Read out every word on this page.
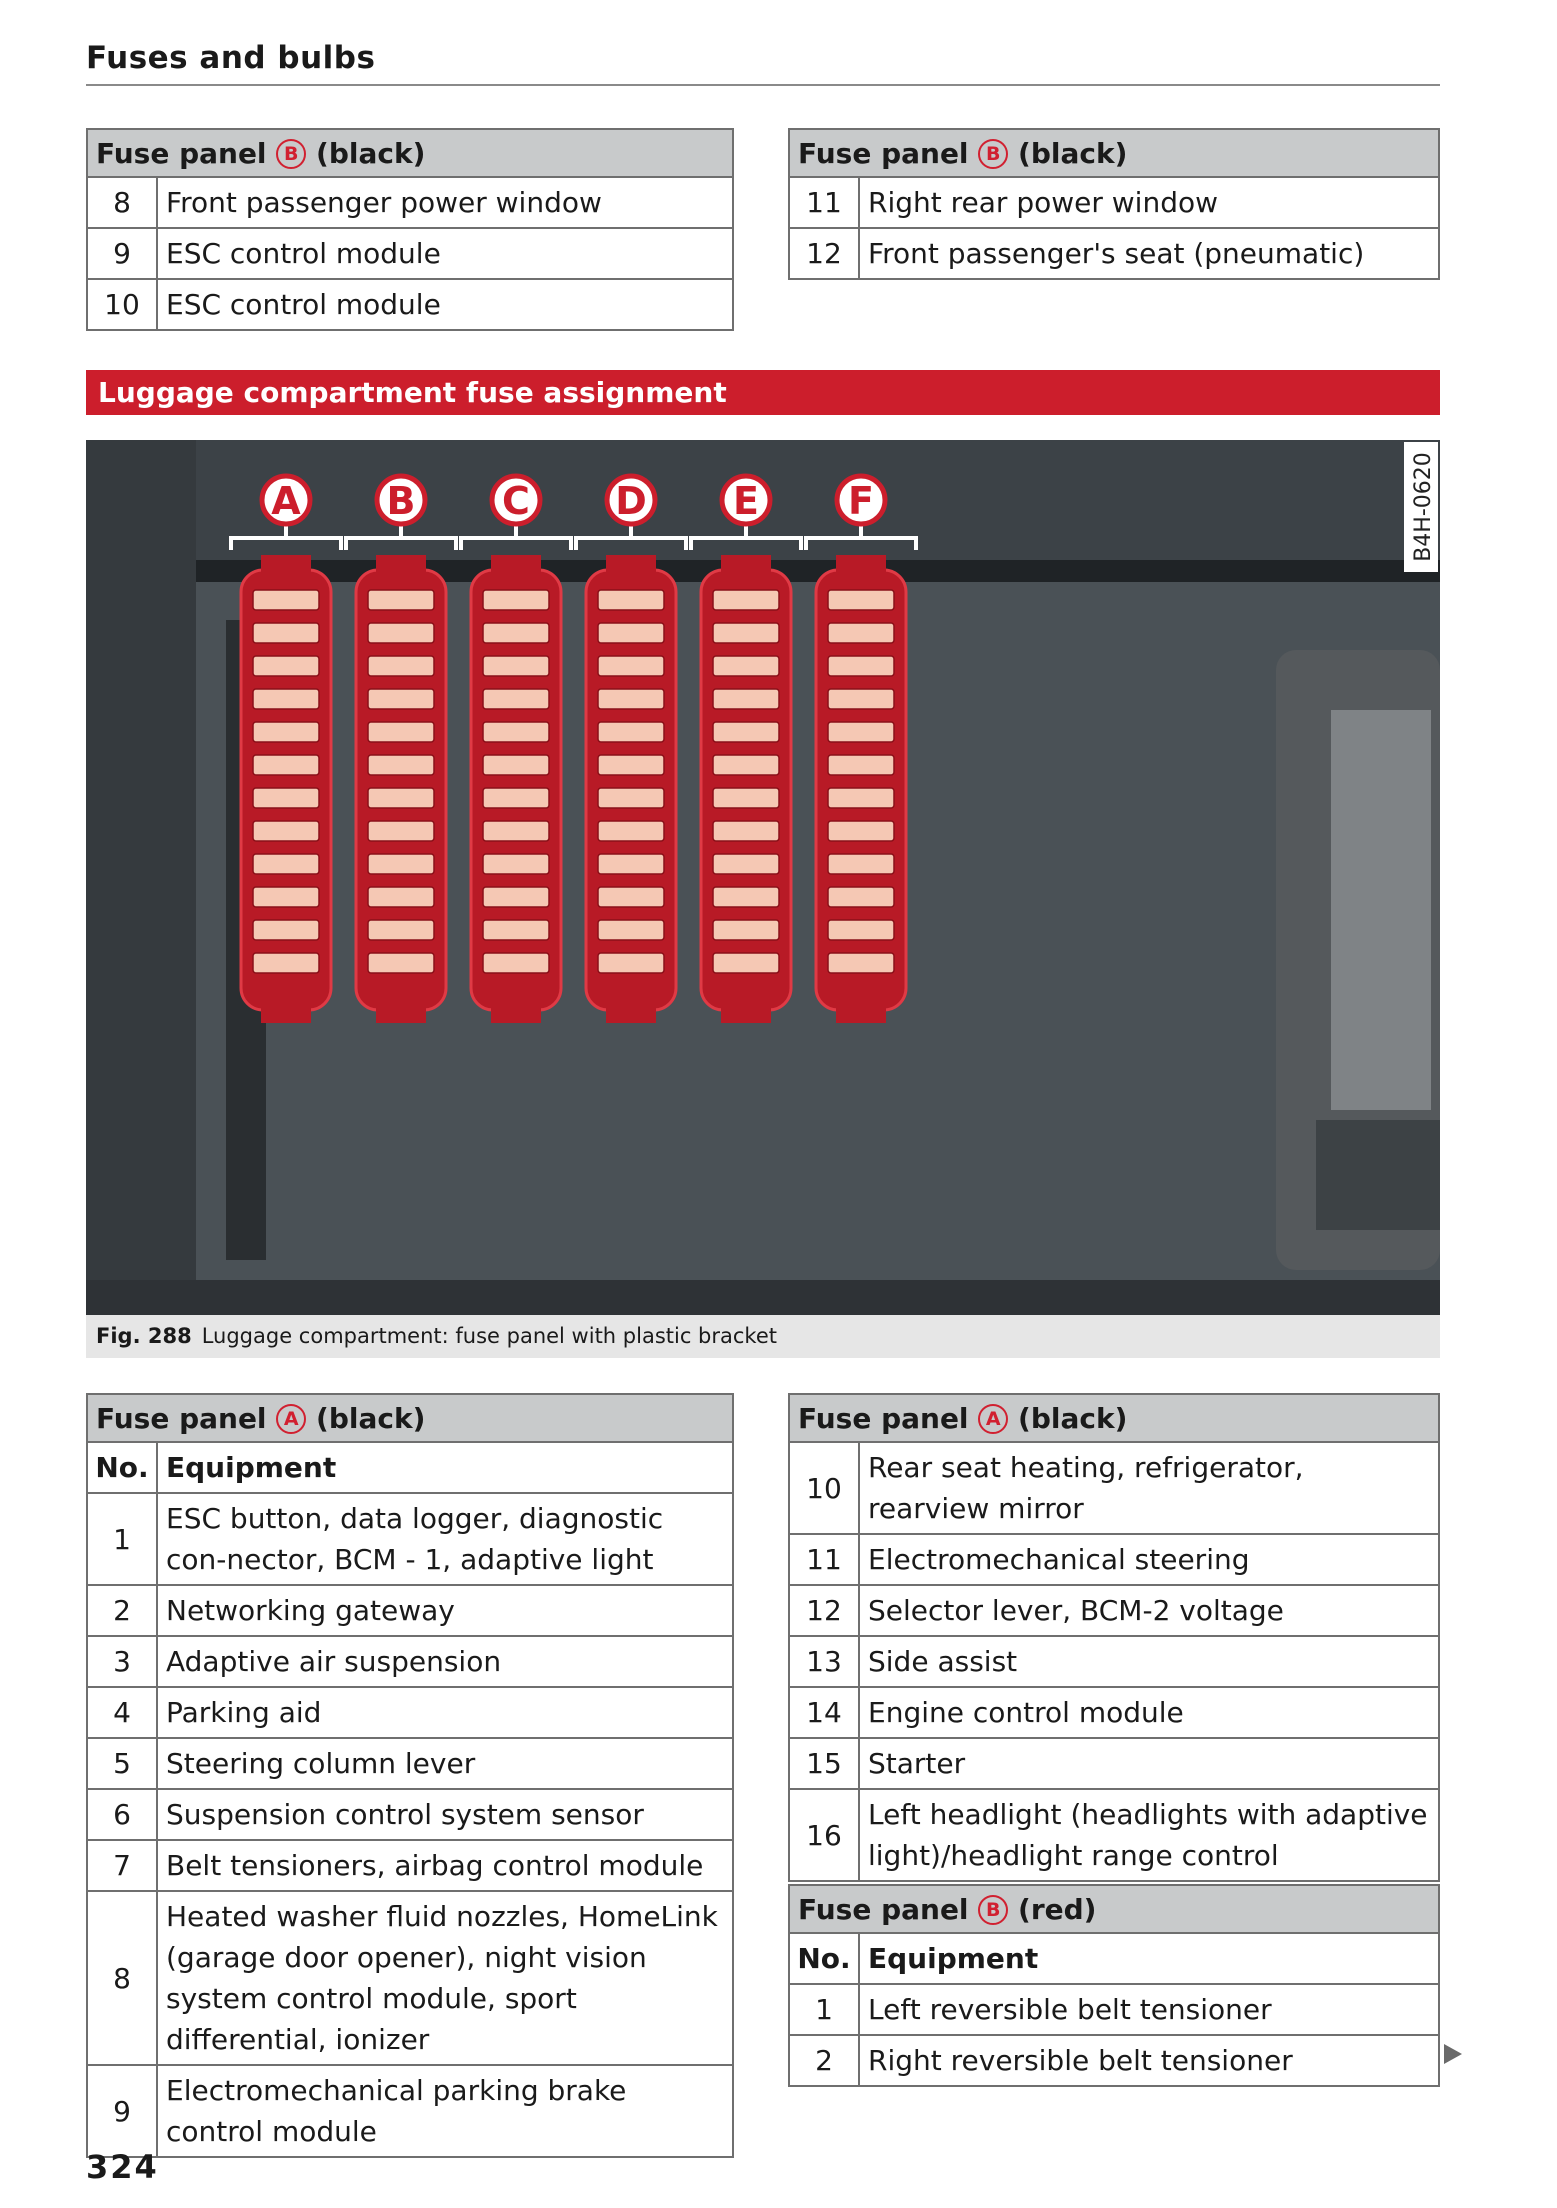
Fuses and bulbs
Fuse panel B (black)	
8	Front passenger power window
9	ESC control module
10	ESC control module
Fuse panel B (black)	
11	Right rear power window
12	Front passenger's seat (pneumatic)
Luggage compartment fuse assignment
A B C D E F	B4H-0620
Fig. 288 Luggage compartment: fuse panel with plastic bracket
Fuse panel A (black)	
No.	Equipment
1	ESC button, data logger, diagnostic con-nector, BCM - 1, adaptive light
2	Networking gateway
3	Adaptive air suspension
4	Parking aid
5	Steering column lever
6	Suspension control system sensor
7	Belt tensioners, airbag control module
8	Heated washer fluid nozzles, HomeLink (garage door opener), night vision system control module, sport differential, ionizer
9	Electromechanical parking brake control module
Fuse panel A (black)	
10	Rear seat heating, refrigerator, rearview mirror
11	Electromechanical steering
12	Selector lever, BCM-2 voltage
13	Side assist
14	Engine control module
15	Starter
16	Left headlight (headlights with adaptive light)/headlight range control
Fuse panel B (red)	
No.	Equipment
1	Left reversible belt tensioner
2	Right reversible belt tensioner
324
